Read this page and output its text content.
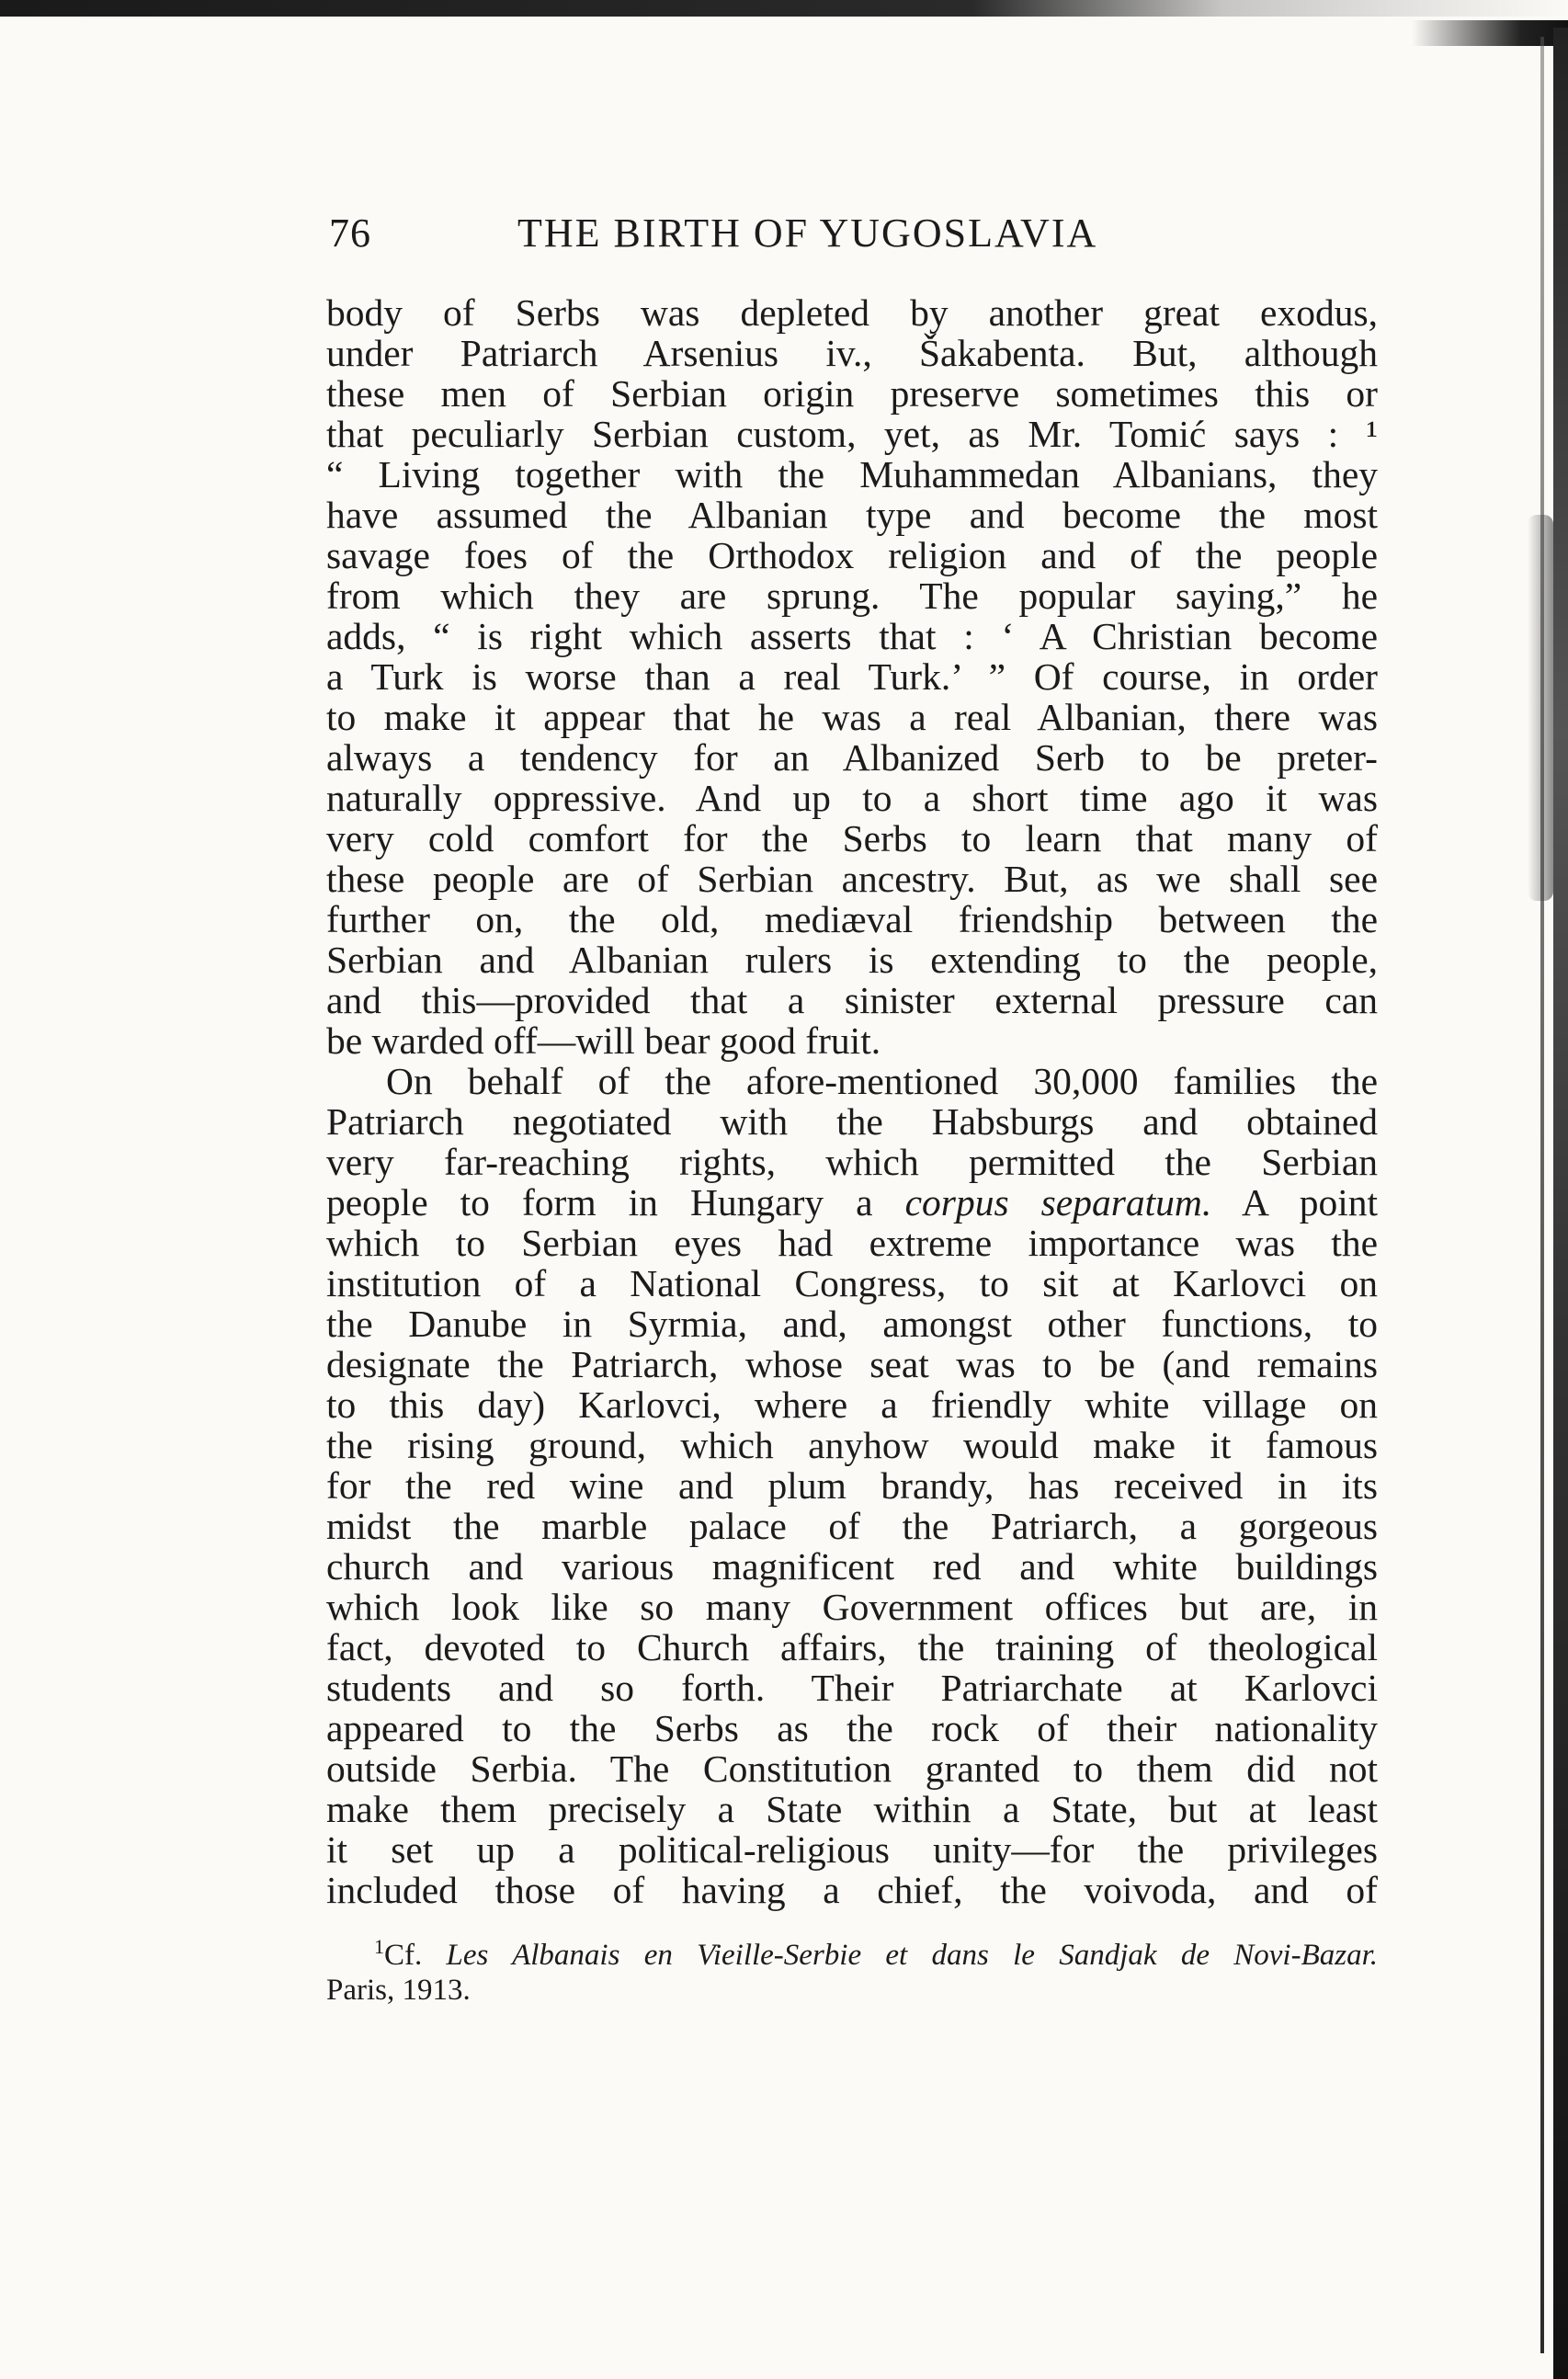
76	THE BIRTH OF YUGOSLAVIA
body of Serbs was depleted by another great exodus,
under Patriarch Arsenius iv., Šakabenta. But, although
these men of Serbian origin preserve sometimes this or
that peculiarly Serbian custom, yet, as Mr. Tomić says : ¹
“ Living together with the Muhammedan Albanians, they
have assumed the Albanian type and become the most
savage foes of the Orthodox religion and of the people
from which they are sprung. The popular saying,” he
adds, “ is right which asserts that : ‘ A Christian become
a Turk is worse than a real Turk.’ ” Of course, in order
to make it appear that he was a real Albanian, there was
always a tendency for an Albanized Serb to be preter-
naturally oppressive. And up to a short time ago it was
very cold comfort for the Serbs to learn that many of
these people are of Serbian ancestry. But, as we shall see
further on, the old, mediæval friendship between the
Serbian and Albanian rulers is extending to the people,
and this—provided that a sinister external pressure can
be warded off—will bear good fruit.
On behalf of the afore-mentioned 30,000 families the
Patriarch negotiated with the Habsburgs and obtained
very far-reaching rights, which permitted the Serbian
people to form in Hungary a corpus separatum. A point
which to Serbian eyes had extreme importance was the
institution of a National Congress, to sit at Karlovci on
the Danube in Syrmia, and, amongst other functions, to
designate the Patriarch, whose seat was to be (and remains
to this day) Karlovci, where a friendly white village on
the rising ground, which anyhow would make it famous
for the red wine and plum brandy, has received in its
midst the marble palace of the Patriarch, a gorgeous
church and various magnificent red and white buildings
which look like so many Government offices but are, in
fact, devoted to Church affairs, the training of theological
students and so forth. Their Patriarchate at Karlovci
appeared to the Serbs as the rock of their nationality
outside Serbia. The Constitution granted to them did not
make them precisely a State within a State, but at least
it set up a political-religious unity—for the privileges
included those of having a chief, the voivoda, and of
$^1$Cf. Les Albanais en Vieille-Serbie et dans le Sandjak de Novi-Bazar.
Paris, 1913.
